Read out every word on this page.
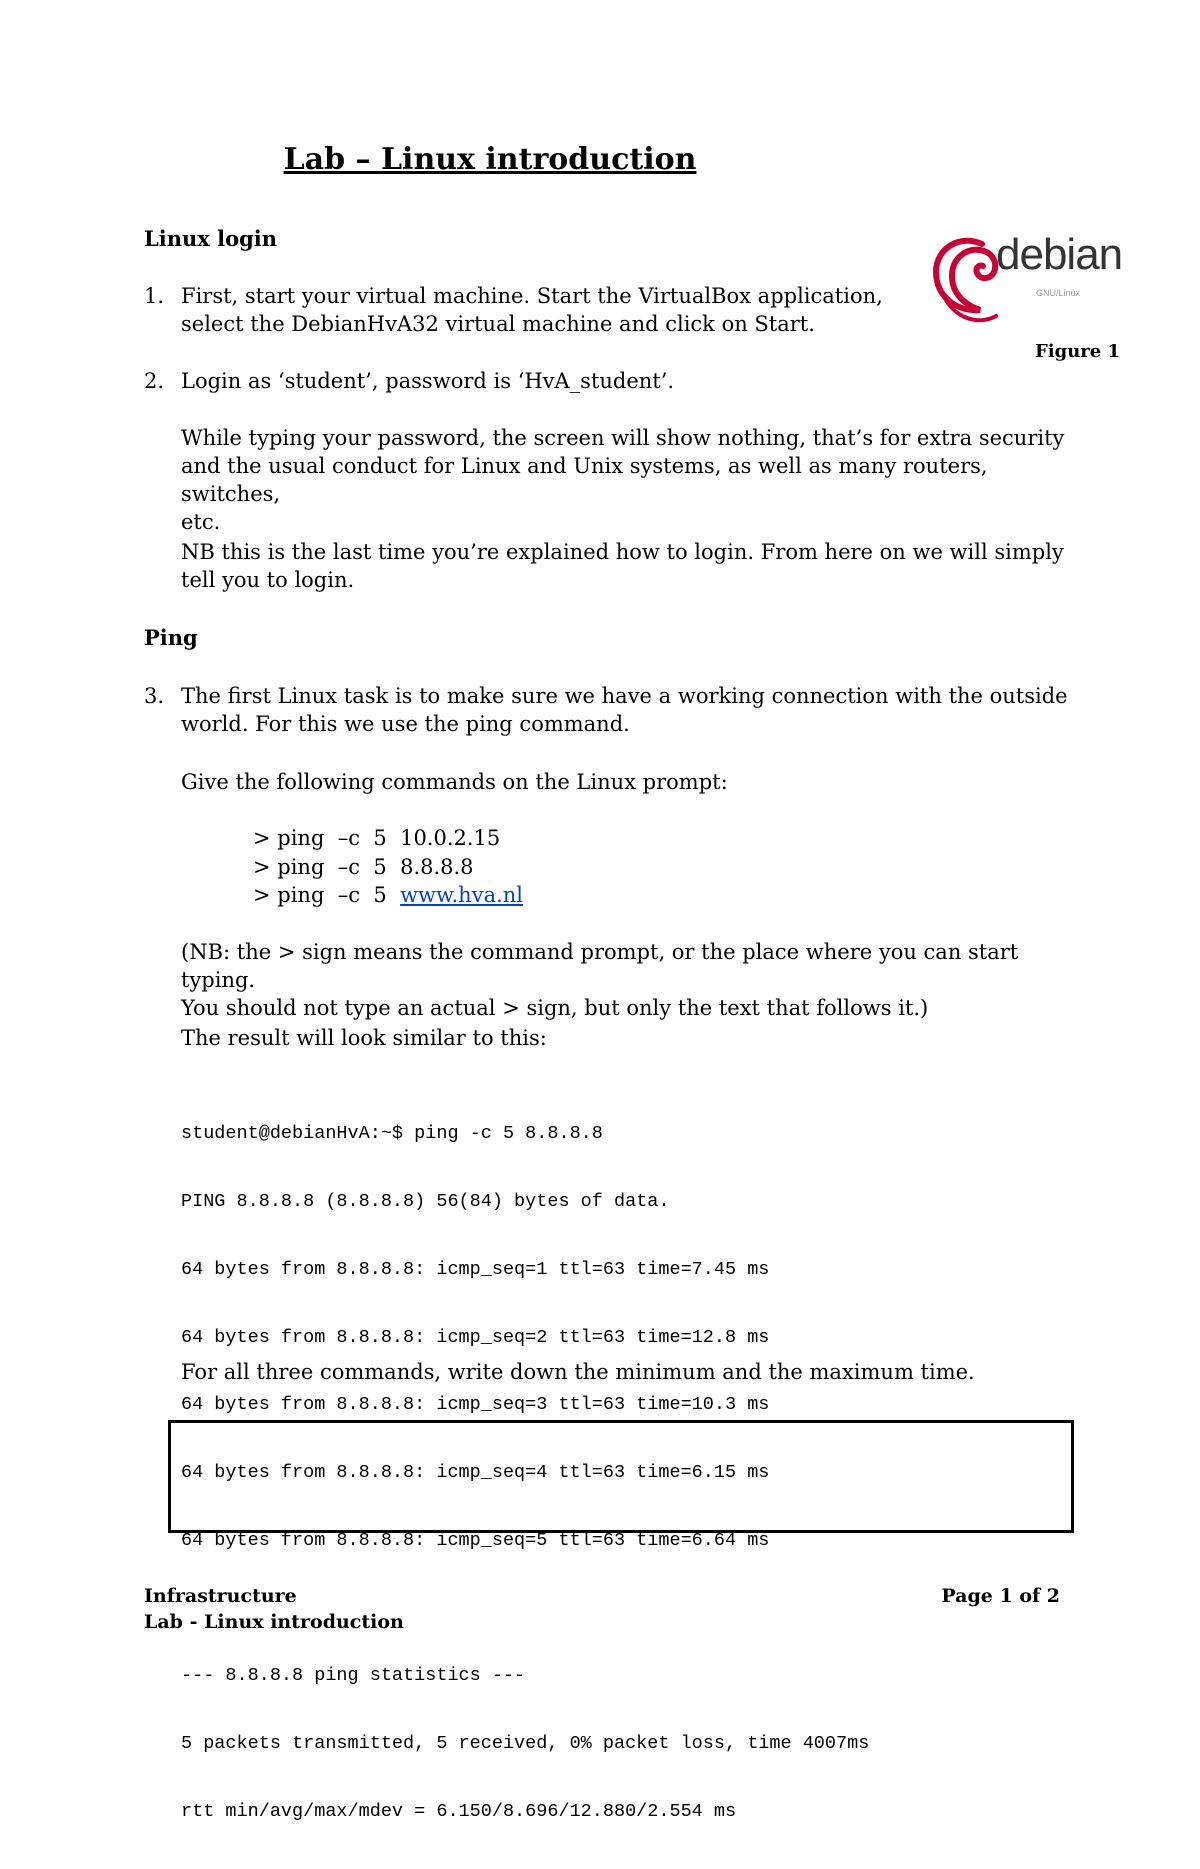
Lab – Linux introduction
Linux login	debian
GNU/Linux
Figure 1
1. First, start your virtual machine. Start the VirtualBox application,
select the DebianHvA32 virtual machine and click on Start.
2. Login as ‘student’, password is ‘HvA_student’.
While typing your password, the screen will show nothing, that’s for extra security
and the usual conduct for Linux and Unix systems, as well as many routers, switches,
etc.
NB this is the last time you’re explained how to login. From here on we will simply
tell you to login.
Ping
3. The first Linux task is to make sure we have a working connection with the outside
world. For this we use the ping command.
Give the following commands on the Linux prompt:
> ping  –c  5  10.0.2.15
> ping  –c  5  8.8.8.8
> ping  –c  5  www.hva.nl
(NB: the > sign means the command prompt, or the place where you can start typing.
You should not type an actual > sign, but only the text that follows it.)
The result will look similar to this:

student@debianHvA:~$ ping -c 5 8.8.8.8

PING 8.8.8.8 (8.8.8.8) 56(84) bytes of data.

64 bytes from 8.8.8.8: icmp_seq=1 ttl=63 time=7.45 ms

64 bytes from 8.8.8.8: icmp_seq=2 ttl=63 time=12.8 ms

64 bytes from 8.8.8.8: icmp_seq=3 ttl=63 time=10.3 ms

64 bytes from 8.8.8.8: icmp_seq=4 ttl=63 time=6.15 ms

64 bytes from 8.8.8.8: icmp_seq=5 ttl=63 time=6.64 ms

--- 8.8.8.8 ping statistics ---

5 packets transmitted, 5 received, 0% packet loss, time 4007ms

rtt min/avg/max/mdev = 6.150/8.696/12.880/2.554 ms

For all three commands, write down the minimum and the maximum time.
Infrastructure
Lab - Linux introduction
Page 1 of 2
